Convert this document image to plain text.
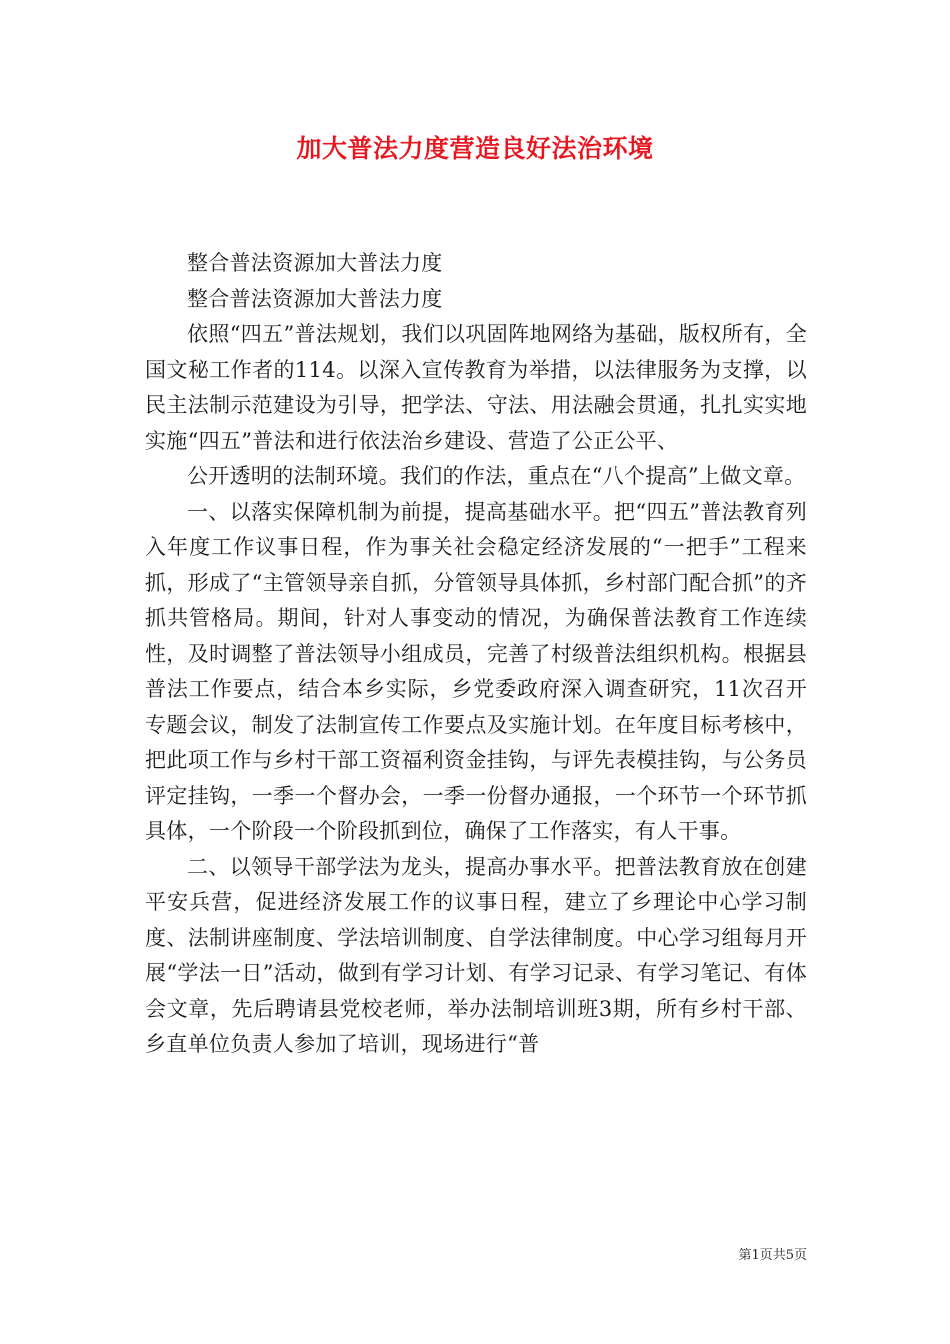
加大普法力度营造良好法治环境

整合普法资源加大普法力度

整合普法资源加大普法力度

依照“四五”普法规划，我们以巩固阵地网络为基础，版权所有，全国文秘工作者的114。以深入宣传教育为举措，以法律服务为支撑，以民主法制示范建设为引导，把学法、守法、用法融会贯通，扎扎实实地实施“四五”普法和进行依法治乡建设、营造了公正公平、

公开透明的法制环境。我们的作法，重点在“八个提高”上做文章。

一、以落实保障机制为前提，提高基础水平。把“四五”普法教育列入年度工作议事日程，作为事关社会稳定经济发展的“一把手”工程来抓，形成了“主管领导亲自抓，分管领导具体抓，乡村部门配合抓”的齐抓共管格局。期间，针对人事变动的情况，为确保普法教育工作连续性，及时调整了普法领导小组成员，完善了村级普法组织机构。根据县普法工作要点，结合本乡实际，乡党委政府深入调查研究，11次召开专题会议，制发了法制宣传工作要点及实施计划。在年度目标考核中，把此项工作与乡村干部工资福利资金挂钩，与评先表模挂钩，与公务员评定挂钩，一季一个督办会，一季一份督办通报，一个环节一个环节抓具体，一个阶段一个阶段抓到位，确保了工作落实，有人干事。

二、以领导干部学法为龙头，提高办事水平。把普法教育放在创建平安兵营，促进经济发展工作的议事日程，建立了乡理论中心学习制度、法制讲座制度、学法培训制度、自学法律制度。中心学习组每月开展“学法一日”活动，做到有学习计划、有学习记录、有学习笔记、有体会文章，先后聘请县党校老师，举办法制培训班3期，所有乡村干部、乡直单位负责人参加了培训，现场进行“普

第1页共5页
